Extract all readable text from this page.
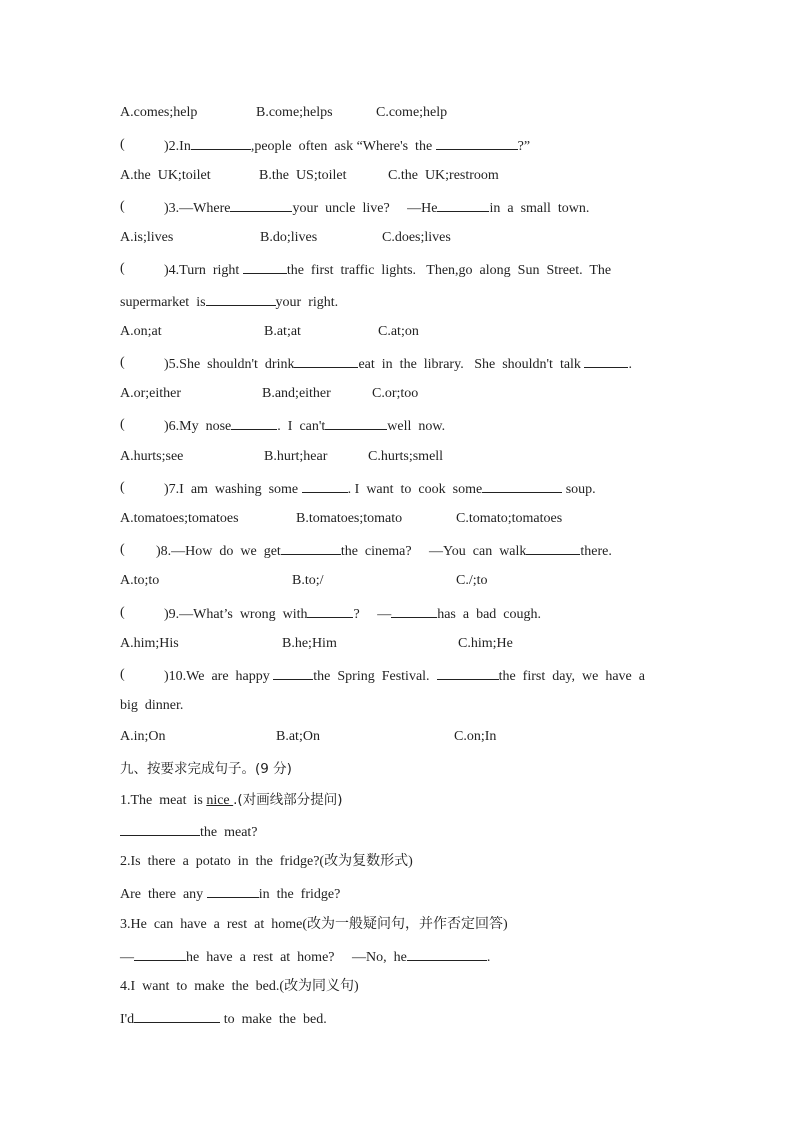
A.comes;help

	B.come;helps

	C.come;help

(

	)2.In	,people  often  ask “Where's  the	?”

A.the  UK;toilet

	B.the  US;toilet

	C.the  UK;restroom

(

	)3.—Where	your  uncle  live?     —He	in  a  small  town.

A.is;lives

	B.do;lives

	C.does;lives

(

	)4.Turn  right	the  first  traffic  lights.   Then,go  along  Sun  Street.  The

supermarket  is	your  right.

A.on;at

	B.at;at

	C.at;on

(

	)5.She  shouldn't  drink	eat  in  the  library.   She  shouldn't  talk	.

A.or;either

	B.and;either

	C.or;too

(

	)6.My  nose	.  I  can't	well  now.

A.hurts;see

	B.hurt;hear

	C.hurts;smell

(

	)7.I  am  washing  some	. I  want  to  cook  some	soup.

A.tomatoes;tomatoes

	B.tomatoes;tomato

	C.tomato;tomatoes

(

)8.—How  do  we  get	the  cinema?     —You  can  walk	there.

A.to;to

	B.to;/

	C./;to

(

	)9.—What’s  wrong  with	?     —	has  a  bad  cough.

A.him;His

	B.he;Him

	C.him;He

(

	)10.We  are  happy	the  Spring  Festival.	the  first  day,  we  have  a

big  dinner.

A.in;On

	B.at;On

	C.on;In

九、按要求完成句子。(9 分)

1.The  meat  is nice .(对画线部分提问)

the  meat?

2.Is  there  a  potato  in  the  fridge?(改为复数形式)

Are  there  any	in  the  fridge?

3.He  can  have  a  rest  at  home(改为一般疑问句，并作否定回答)

—	he  have  a  rest  at  home?     —No,  he	.

4.I  want  to  make  the  bed.(改为同义句)

I'd	to  make  the  bed.
